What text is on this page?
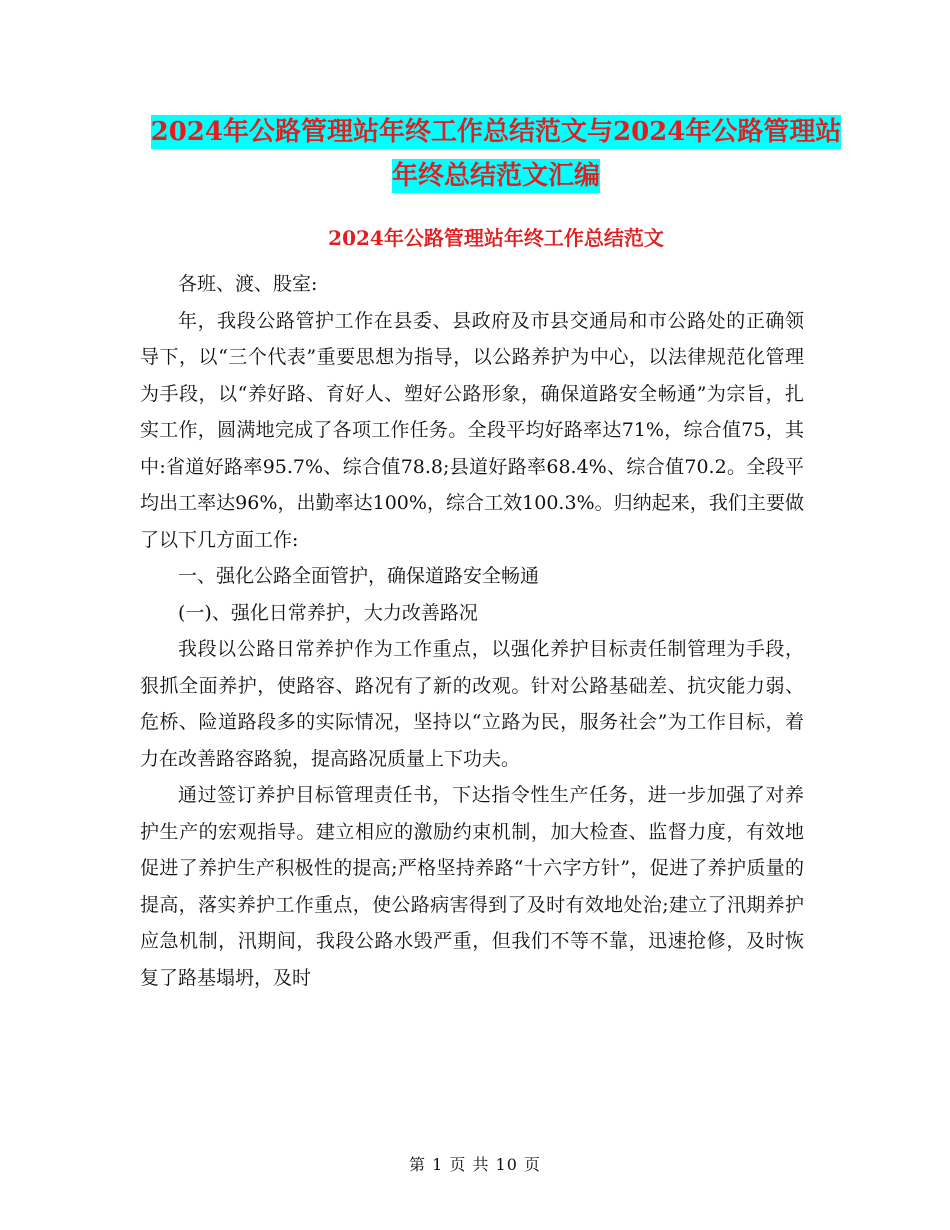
2024年公路管理站年终工作总结范文与2024年公路管理站年终总结范文汇编
2024年公路管理站年终工作总结范文

各班、渡、股室:

年，我段公路管护工作在县委、县政府及市县交通局和市公路处的正确领导下，以“三个代表”重要思想为指导，以公路养护为中心，以法律规范化管理为手段，以“养好路、育好人、塑好公路形象，确保道路安全畅通”为宗旨，扎实工作，圆满地完成了各项工作任务。全段平均好路率达71%，综合值75，其中:省道好路率95.7%、综合值78.8;县道好路率68.4%、综合值70.2。全段平均出工率达96%，出勤率达100%，综合工效100.3%。归纳起来，我们主要做了以下几方面工作:

一、强化公路全面管护，确保道路安全畅通

(一)、强化日常养护，大力改善路况

我段以公路日常养护作为工作重点，以强化养护目标责任制管理为手段，狠抓全面养护，使路容、路况有了新的改观。针对公路基础差、抗灾能力弱、危桥、险道路段多的实际情况，坚持以“立路为民，服务社会”为工作目标，着力在改善路容路貌，提高路况质量上下功夫。

通过签订养护目标管理责任书，下达指令性生产任务，进一步加强了对养护生产的宏观指导。建立相应的激励约束机制，加大检查、监督力度，有效地促进了养护生产积极性的提高;严格坚持养路“十六字方针”，促进了养护质量的提高，落实养护工作重点，使公路病害得到了及时有效地处治;建立了汛期养护应急机制，汛期间，我段公路水毁严重，但我们不等不靠，迅速抢修，及时恢复了路基塌坍，及时

第 1 页 共 10 页
